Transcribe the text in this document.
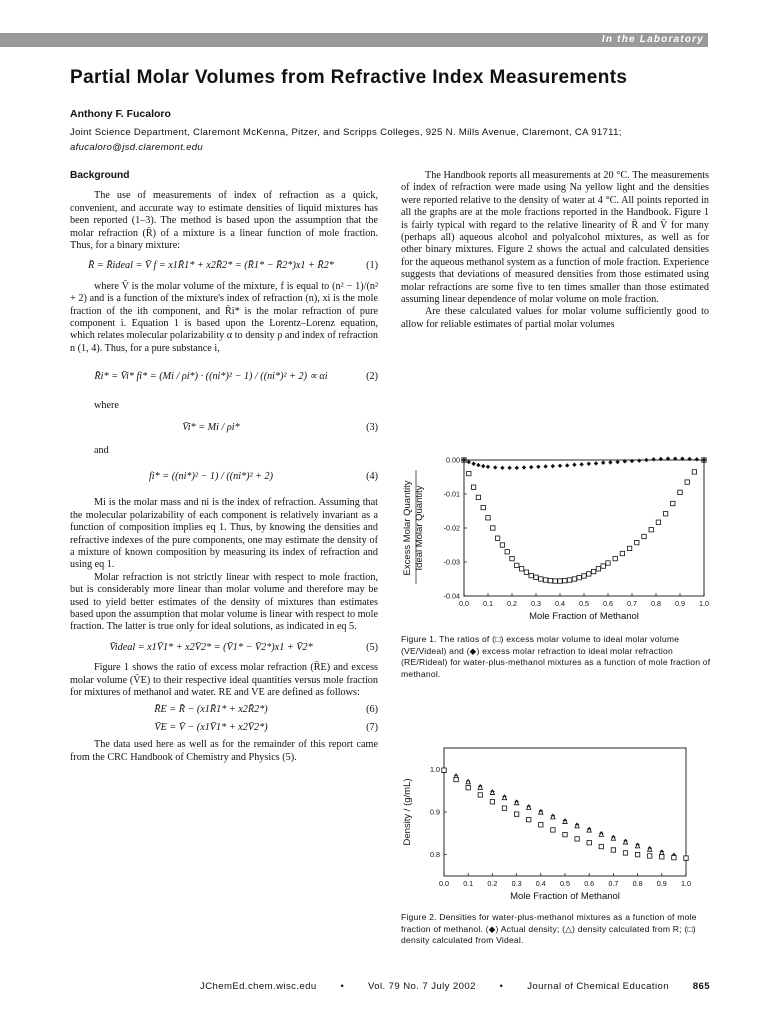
In the Laboratory
Partial Molar Volumes from Refractive Index Measurements
Anthony F. Fucaloro
Joint Science Department, Claremont McKenna, Pitzer, and Scripps Colleges, 925 N. Mills Avenue, Claremont, CA 91711; afucaloro@jsd.claremont.edu
Background

The use of measurements of index of refraction as a quick, convenient, and accurate way to estimate densities of liquid mixtures has been reported (1–3). The method is based upon the assumption that the molar refraction (R̄) of a mixture is a linear function of mole fraction. Thus, for a binary mixture:

R̄ = R̄ideal = V̄ f = x1R̄1* + x2R̄2* = (R̄1* − R̄2*)x1 + R̄2*	(1)

where V̄ is the molar volume of the mixture, f is equal to (n² − 1)/(n² + 2) and is a function of the mixture's index of refraction (n), xi is the mole fraction of the ith component, and R̄i* is the molar refraction of pure component i. Equation 1 is based upon the Lorentz–Lorenz equation, which relates molecular polarizability α to density ρ and index of refraction n (1, 4). Thus, for a pure substance i,

R̄i* = V̄i* fi* = (Mi / ρi*) · ((ni*)² − 1) / ((ni*)² + 2) ∝ αi	(2)

where

V̄i* = Mi / ρi*	(3)

and

fi* = ((ni*)² − 1) / ((ni*)² + 2)	(4)

Mi is the molar mass and ni is the index of refraction. Assuming that the molecular polarizability of each component is relatively invariant as a function of composition implies eq 1. Thus, by knowing the densities and refractive indexes of the pure components, one may estimate the density of a mixture of known composition by measuring its index of refraction and using eq 1.

Molar refraction is not strictly linear with respect to mole fraction, but is considerably more linear than molar volume and therefore may be used to yield better estimates of the density of mixtures than estimates based upon the assumption that molar volume is linear with respect to mole fraction. The latter is true only for ideal solutions, as indicated in eq 5.

V̄ideal = x1V̄1* + x2V̄2* = (V̄1* − V̄2*)x1 + V̄2*	(5)

Figure 1 shows the ratio of excess molar refraction (R̄E) and excess molar volume (V̄E) to their respective ideal quantities versus mole fraction for mixtures of methanol and water. RE and VE are defined as follows:

R̄E = R̄ − (x1R̄1* + x2R̄2*)	(6)
V̄E = V̄ − (x1V̄1* + x2V̄2*)	(7)

The data used here as well as for the remainder of this report came from the CRC Handbook of Chemistry and Physics (5).

The Handbook reports all measurements at 20 °C. The measurements of index of refraction were made using Na yellow light and the densities were reported relative to the density of water at 4 °C. All points reported in all the graphs are at the mole fractions reported in the Handbook. Figure 1 is fairly typical with regard to the relative linearity of R̄ and V̄ for many (perhaps all) aqueous alcohol and polyalcohol mixtures, as well as for other binary mixtures. Figure 2 shows the actual and calculated densities for the aqueous methanol system as a function of mole fraction. Experience suggests that deviations of measured densities from those estimated using molar refractions are some five to ten times smaller than those estimated assuming linear dependence of molar volume on mole fraction.

Are these calculated values for molar volume sufficiently good to allow for reliable estimates of partial molar volumes

0.0 0.1 0.2 0.3 0.4 0.5 0.6 0.7 0.8 0.9 1.0
0.00
-0.01
-0.02
-0.03
-0.04
Mole Fraction of Methanol
Excess Molar Quantity Ideal Molar Quantity
Figure 1. The ratios of (□) excess molar volume to ideal molar volume (VE/Videal) and (◆) excess molar refraction to ideal molar refraction (RE/Rideal) for water-plus-methanol mixtures as a function of mole fraction of methanol.
0.0 0.1 0.2 0.3 0.4 0.5 0.6 0.7 0.8 0.9 1.0
1.0
0.9
0.8
Mole Fraction of Methanol
Density / (g/mL)
Figure 2. Densities for water-plus-methanol mixtures as a function of mole fraction of methanol. (◆) Actual density; (△) density calculated from R; (□) density calculated from Videal.
JChemEd.chem.wisc.edu • Vol. 79 No. 7 July 2002 • Journal of Chemical Education 865
